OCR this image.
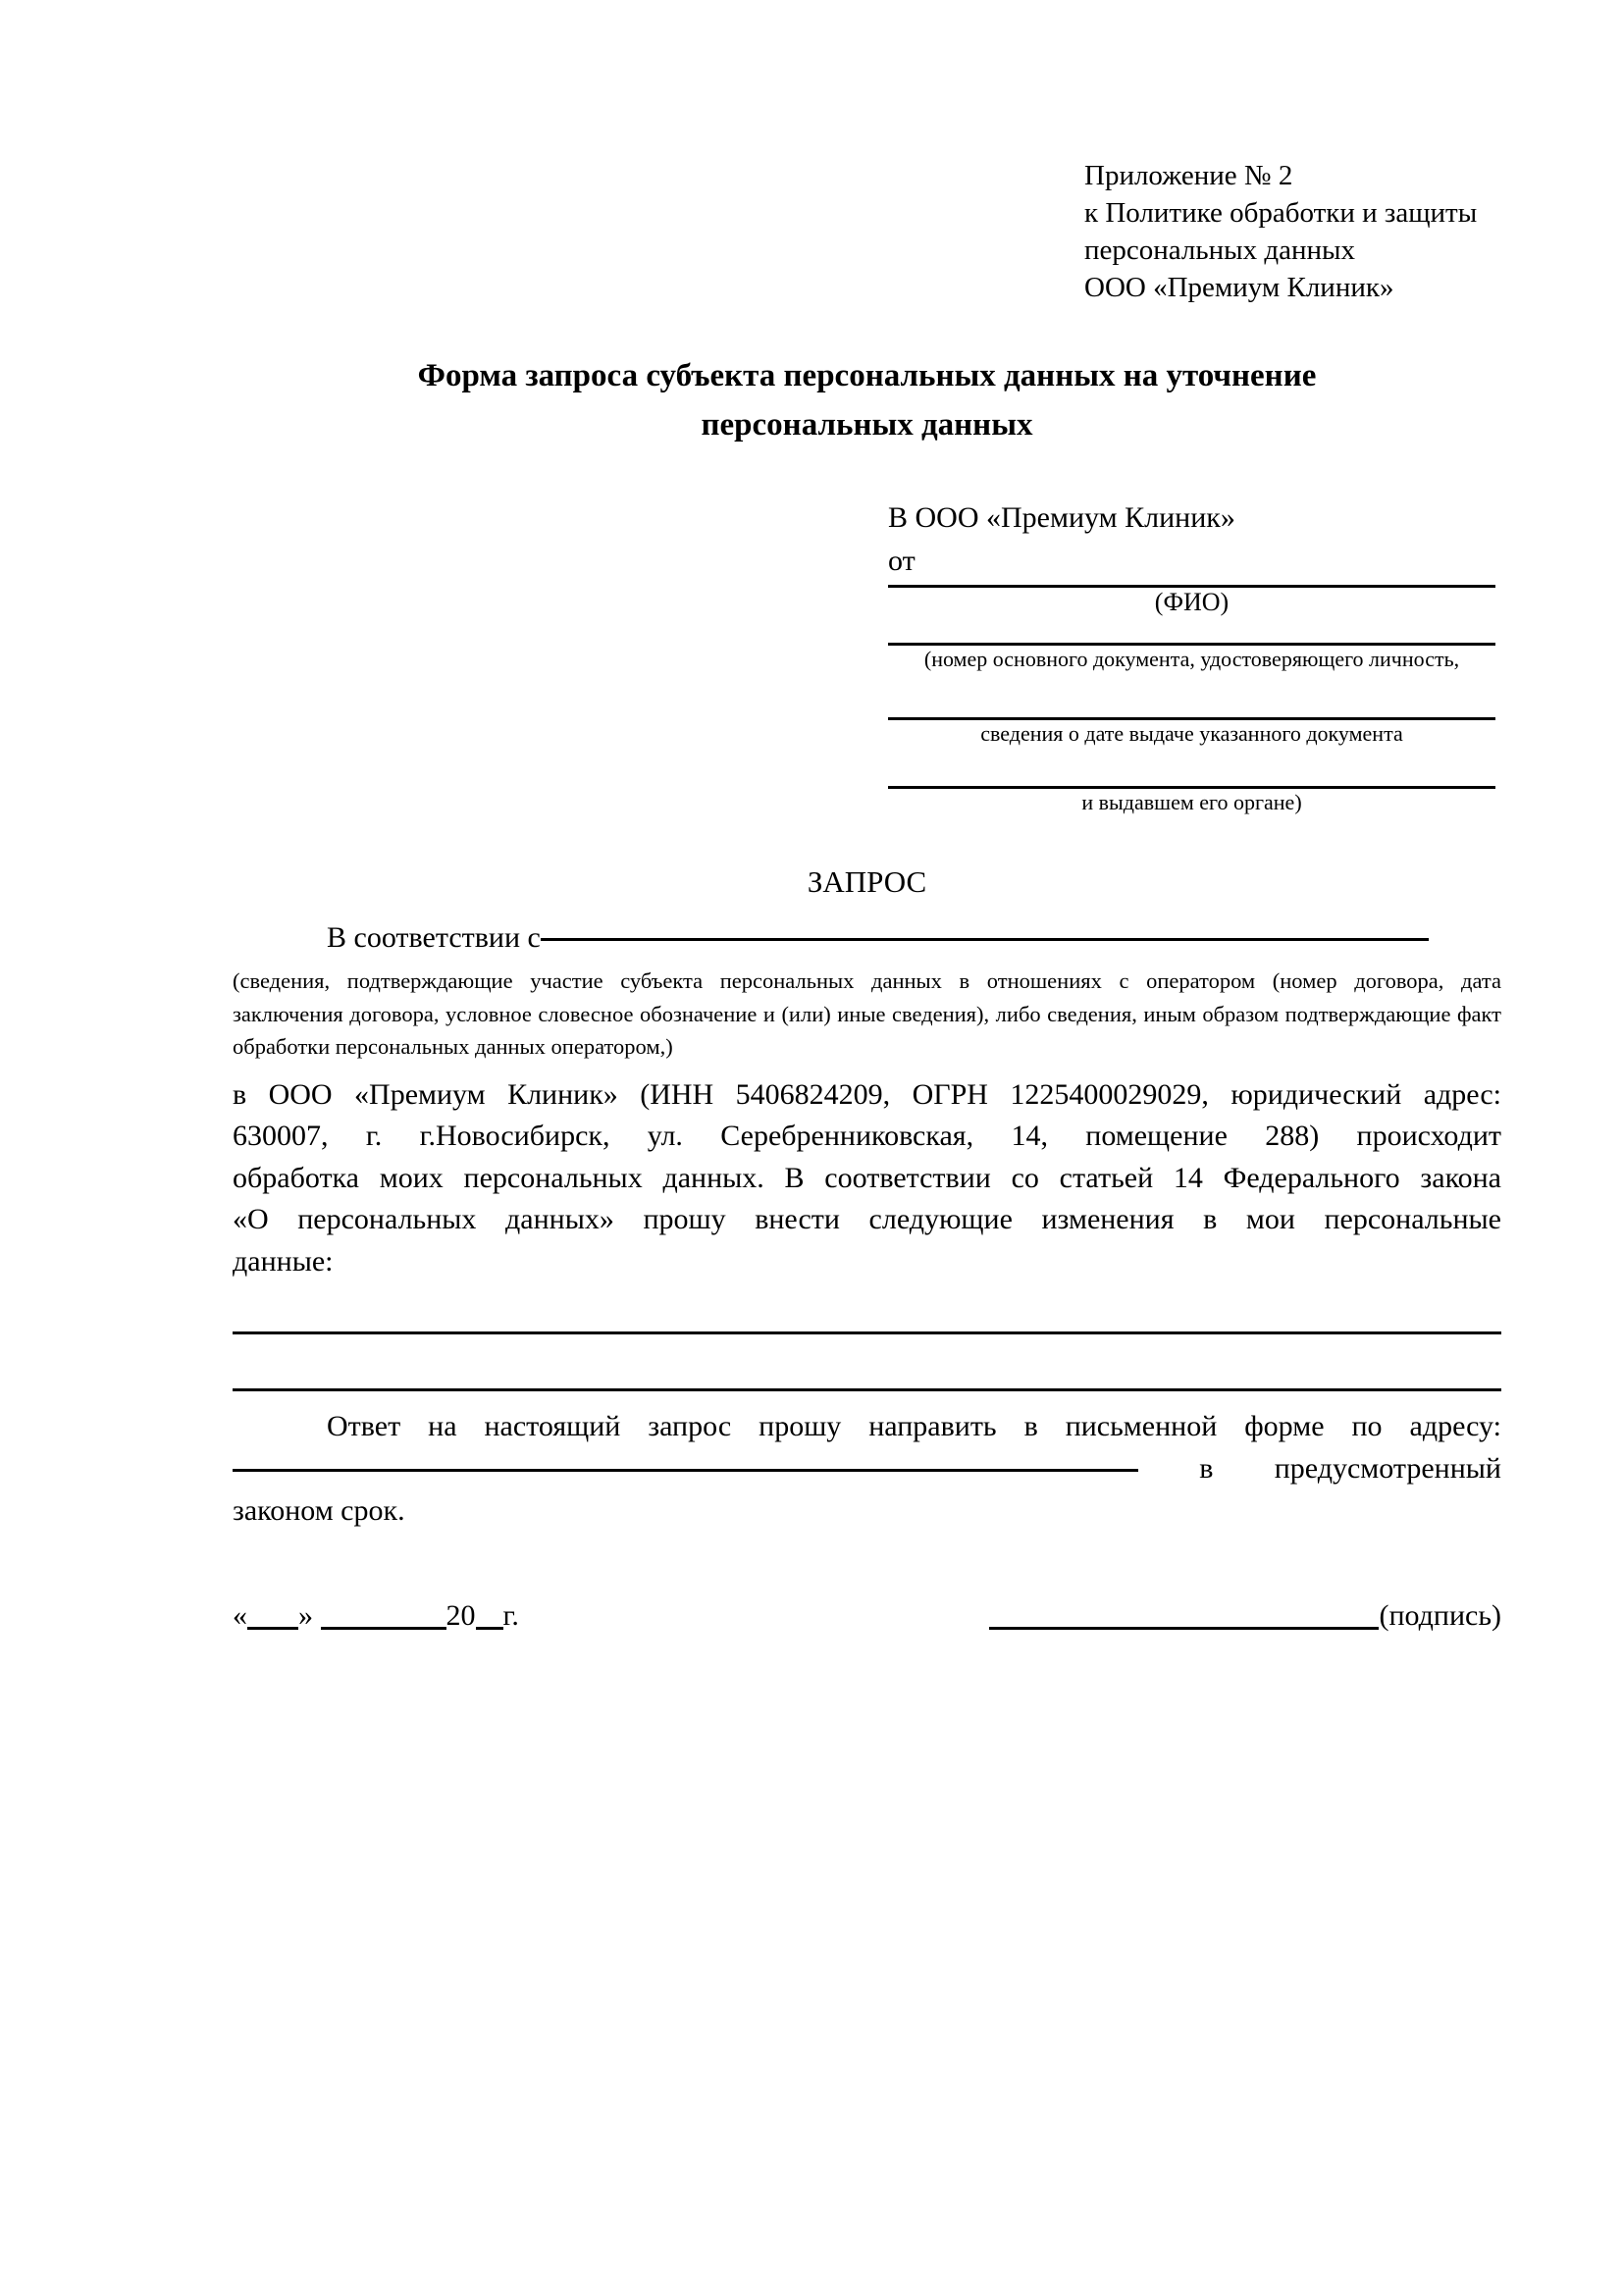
Приложение № 2
к Политике обработки и защиты
персональных данных
ООО «Премиум Клиник»
Форма запроса субъекта персональных данных на уточнение
персональных данных
В ООО «Премиум Клиник»
от
(ФИО)
(номер основного документа, удостоверяющего личность,
сведения о дате выдаче указанного документа
и выдавшем его органе)
ЗАПРОС
В соответствии с
(сведения, подтверждающие участие субъекта персональных данных в отношениях с оператором (номер договора, дата
заключения договора, условное словесное обозначение и (или) иные сведения), либо сведения, иным образом подтверждающие факт
обработки персональных данных оператором,)
в ООО «Премиум Клиник» (ИНН 5406824209, ОГРН 1225400029029, юридический адрес:
630007, г. г.Новосибирск, ул. Серебренниковская, 14, помещение 288) происходит
обработка моих персональных данных. В соответствии со статьей 14 Федерального закона
«О персональных данных» прошу внести следующие изменения в мои персональные
данные:
Ответ на настоящий запрос прошу направить в письменной форме по адресу:
в предусмотренный
законом срок.
« »	20 г.	(подпись)
